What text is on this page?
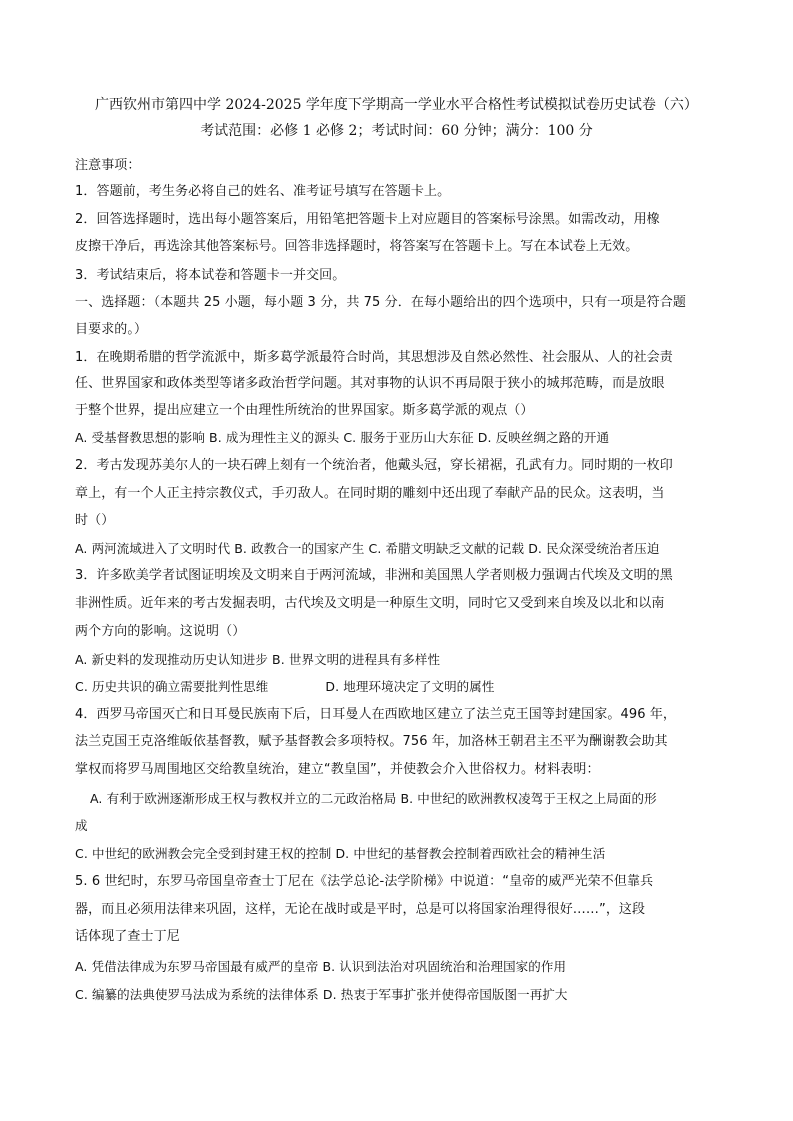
广西钦州市第四中学 2024-2025 学年度下学期高一学业水平合格性考试模拟试卷历史试卷（六）
考试范围：必修 1 必修 2；考试时间：60 分钟；满分：100 分
注意事项：
1．答题前，考生务必将自己的姓名、准考证号填写在答题卡上。
2．回答选择题时，选出每小题答案后，用铅笔把答题卡上对应题目的答案标号涂黑。如需改动，用橡
皮擦干净后，再选涂其他答案标号。回答非选择题时，将答案写在答题卡上。写在本试卷上无效。
3．考试结束后，将本试卷和答题卡一并交回。
一、选择题：（本题共 25 小题，每小题 3 分，共 75 分．在每小题给出的四个选项中，只有一项是符合题
目要求的。）
1．在晚期希腊的哲学流派中，斯多葛学派最符合时尚，其思想涉及自然必然性、社会服从、人的社会责
任、世界国家和政体类型等诸多政治哲学问题。其对事物的认识不再局限于狭小的城邦范畴，而是放眼
于整个世界，提出应建立一个由理性所统治的世界国家。斯多葛学派的观点（）
A. 受基督教思想的影响 B. 成为理性主义的源头 C. 服务于亚历山大东征 D. 反映丝绸之路的开通
2．考古发现苏美尔人的一块石碑上刻有一个统治者，他戴头冠，穿长裙裾，孔武有力。同时期的一枚印
章上，有一个人正主持宗教仪式，手刃敌人。在同时期的雕刻中还出现了奉献产品的民众。这表明，当
时（）
A. 两河流域进入了文明时代 B. 政教合一的国家产生 C. 希腊文明缺乏文献的记载 D. 民众深受统治者压迫
3．许多欧美学者试图证明埃及文明来自于两河流域，非洲和美国黑人学者则极力强调古代埃及文明的黑
非洲性质。近年来的考古发掘表明，古代埃及文明是一种原生文明，同时它又受到来自埃及以北和以南
两个方向的影响。这说明（）
A. 新史料的发现推动历史认知进步 B. 世界文明的进程具有多样性
C. 历史共识的确立需要批判性思维              D. 地理环境决定了文明的属性
4．西罗马帝国灭亡和日耳曼民族南下后，日耳曼人在西欧地区建立了法兰克王国等封建国家。496 年，
法兰克国王克洛维皈依基督教，赋予基督教会多项特权。756 年，加洛林王朝君主丕平为酬谢教会助其
掌权而将罗马周围地区交给教皇统治，建立“教皇国”，并使教会介入世俗权力。材料表明：
A. 有利于欧洲逐渐形成王权与教权并立的二元政治格局 B. 中世纪的欧洲教权凌驾于王权之上局面的形
成
C. 中世纪的欧洲教会完全受到封建王权的控制 D. 中世纪的基督教会控制着西欧社会的精神生活
5. 6 世纪时，东罗马帝国皇帝查士丁尼在《法学总论-法学阶梯》中说道：“皇帝的威严光荣不但靠兵
器，而且必须用法律来巩固，这样，无论在战时或是平时，总是可以将国家治理得很好……”，这段
话体现了查士丁尼
A. 凭借法律成为东罗马帝国最有威严的皇帝 B. 认识到法治对巩固统治和治理国家的作用
C. 编纂的法典使罗马法成为系统的法律体系 D. 热衷于军事扩张并使得帝国版图一再扩大
